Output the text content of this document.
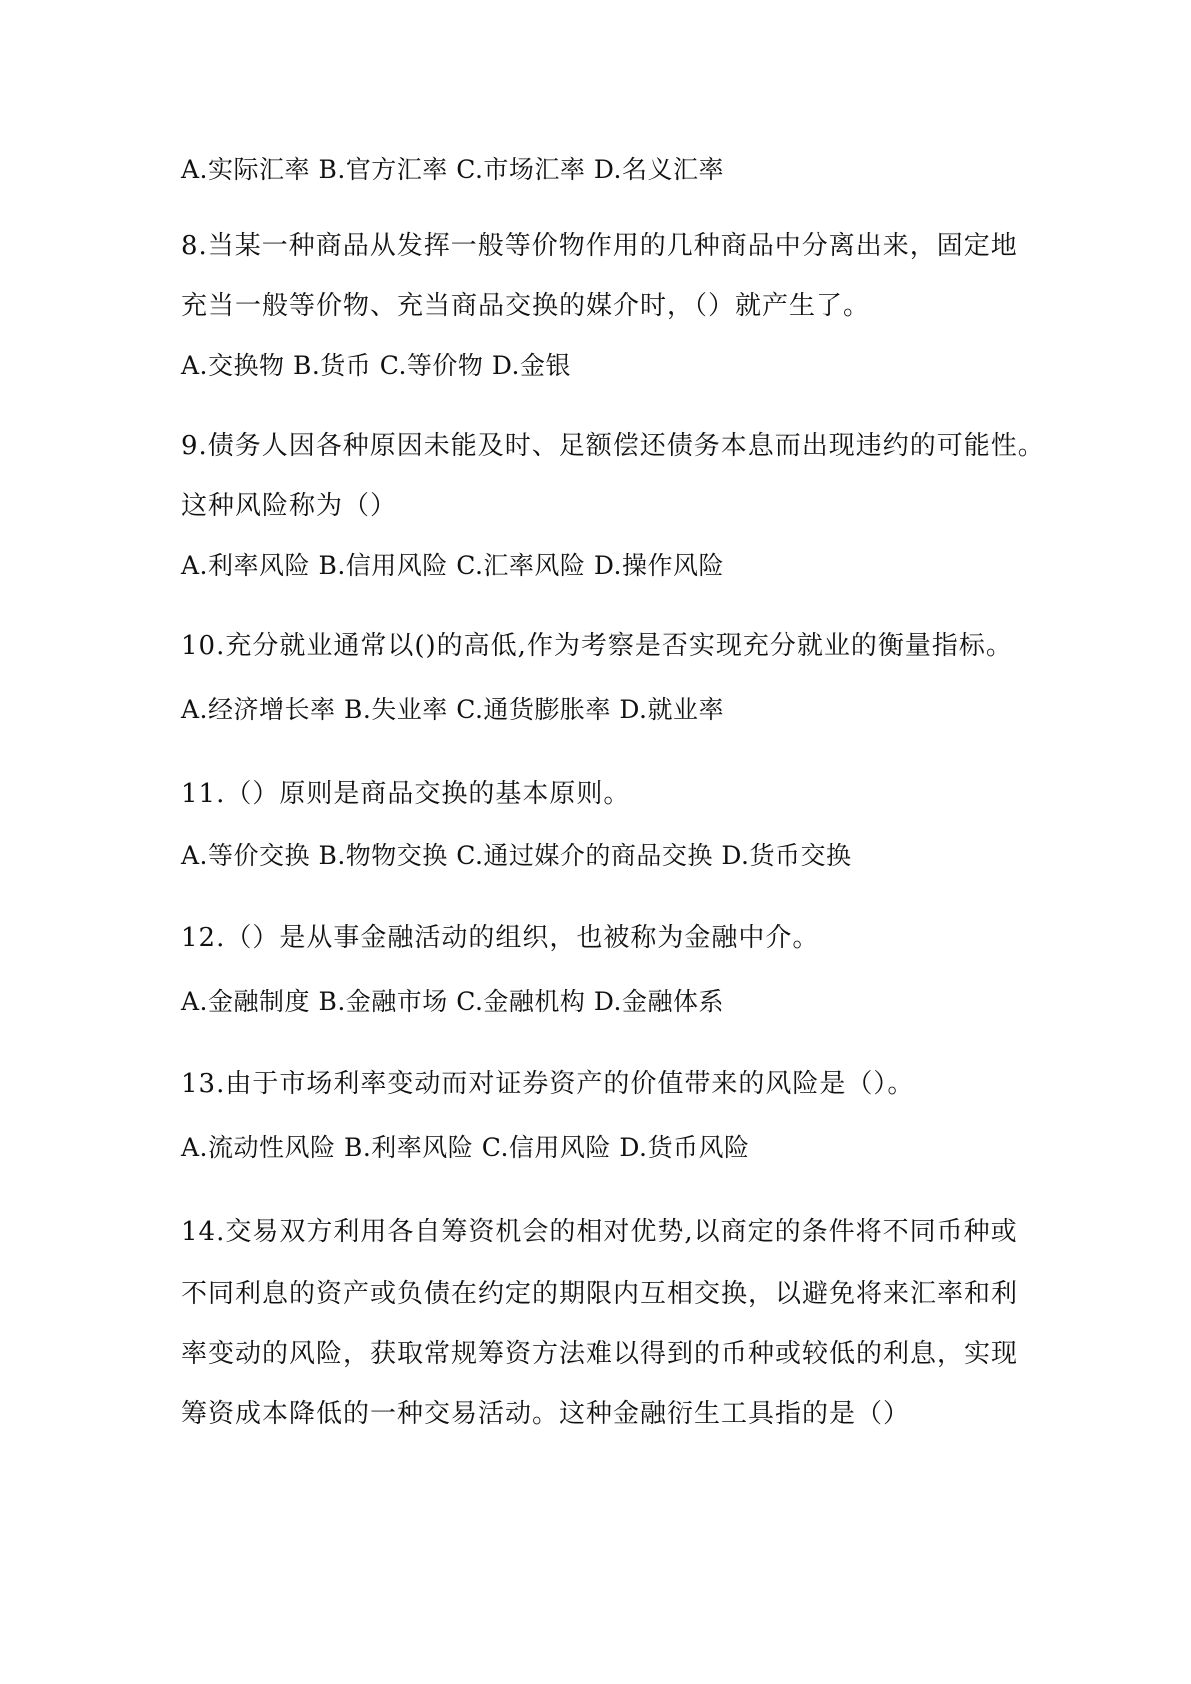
A.实际汇率 B.官方汇率 C.市场汇率 D.名义汇率
8.当某一种商品从发挥一般等价物作用的几种商品中分离出来，固定地
充当一般等价物、充当商品交换的媒介时，（）就产生了。
A.交换物 B.货币 C.等价物 D.金银
9.债务人因各种原因未能及时、足额偿还债务本息而出现违约的可能性。
这种风险称为（）
A.利率风险 B.信用风险 C.汇率风险 D.操作风险
10.充分就业通常以()的高低,作为考察是否实现充分就业的衡量指标。
A.经济增长率 B.失业率 C.通货膨胀率 D.就业率
11.（）原则是商品交换的基本原则。
A.等价交换 B.物物交换 C.通过媒介的商品交换 D.货币交换
12.（）是从事金融活动的组织，也被称为金融中介。
A.金融制度 B.金融市场 C.金融机构 D.金融体系
13.由于市场利率变动而对证券资产的价值带来的风险是（）。
A.流动性风险 B.利率风险 C.信用风险 D.货币风险
14.交易双方利用各自筹资机会的相对优势,以商定的条件将不同币种或
不同利息的资产或负债在约定的期限内互相交换，以避免将来汇率和利
率变动的风险，获取常规筹资方法难以得到的币种或较低的利息，实现
筹资成本降低的一种交易活动。这种金融衍生工具指的是（）
